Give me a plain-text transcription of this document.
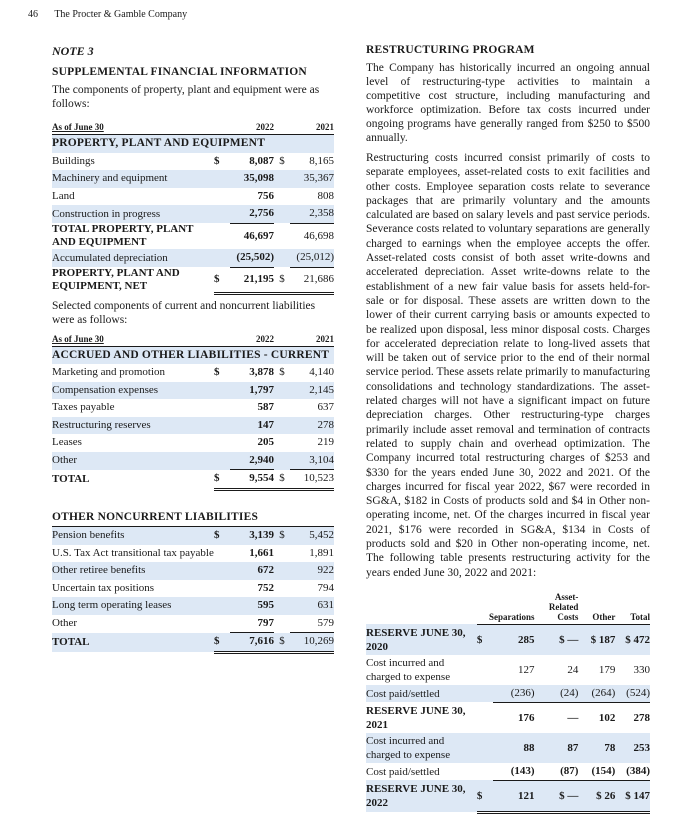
46 The Procter & Gamble Company
NOTE 3
SUPPLEMENTAL FINANCIAL INFORMATION

The components of property, plant and equipment were as follows:

As of June 30	2022		2021	
PROPERTY, PLANT AND EQUIPMENT				
Buildings	$	8,087	$	8,165
Machinery and equipment		35,098		35,367
Land		756		808
Construction in progress		2,756		2,358
TOTAL PROPERTY, PLANT AND EQUIPMENT		46,697		46,698
Accumulated depreciation		(25,502)		(25,012)
PROPERTY, PLANT AND EQUIPMENT, NET	$	21,195	$	21,686

Selected components of current and noncurrent liabilities were as follows:

As of June 30	2022		2021	
ACCRUED AND OTHER LIABILITIES - CURRENT				
Marketing and promotion	$	3,878	$	4,140
Compensation expenses		1,797		2,145
Taxes payable		587		637
Restructuring reserves		147		278
Leases		205		219
Other		2,940		3,104
TOTAL	$	9,554	$	10,523
OTHER NONCURRENT LIABILITIES				
Pension benefits	$	3,139	$	5,452
U.S. Tax Act transitional tax payable		1,661		1,891
Other retiree benefits		672		922
Uncertain tax positions		752		794
Long term operating leases		595		631
Other		797		579
TOTAL	$	7,616	$	10,269
RESTRUCTURING PROGRAM

The Company has historically incurred an ongoing annual level of restructuring-type activities to maintain a competitive cost structure, including manufacturing and workforce optimization. Before tax costs incurred under ongoing programs have generally ranged from $250 to $500 annually.

Restructuring costs incurred consist primarily of costs to separate employees, asset-related costs to exit facilities and other costs. Employee separation costs relate to severance packages that are primarily voluntary and the amounts calculated are based on salary levels and past service periods. Severance costs related to voluntary separations are generally charged to earnings when the employee accepts the offer. Asset-related costs consist of both asset write-downs and accelerated depreciation. Asset write-downs relate to the establishment of a new fair value basis for assets held-for-sale or for disposal. These assets are written down to the lower of their current carrying basis or amounts expected to be realized upon disposal, less minor disposal costs. Charges for accelerated depreciation relate to long-lived assets that will be taken out of service prior to the end of their normal service period. These assets relate primarily to manufacturing consolidations and technology standardizations. The asset-related charges will not have a significant impact on future depreciation charges. Other restructuring-type charges primarily include asset removal and termination of contracts related to supply chain and overhead optimization. The Company incurred total restructuring charges of $253 and $330 for the years ended June 30, 2022 and 2021. Of the charges incurred for fiscal year 2022, $67 were recorded in SG&A, $182 in Costs of products sold and $4 in Other non-operating income, net. Of the charges incurred in fiscal year 2021, $176 were recorded in SG&A, $134 in Costs of products sold and $20 in Other non-operating income, net. The following table presents restructuring activity for the years ended June 30, 2022 and 2021:

	Separations		Asset-Related Costs	Other	Total
RESERVE JUNE 30, 2020	$	285	$ —	$ 187	$ 472
Cost incurred and charged to expense		127	24	179	330
Cost paid/settled		(236)	(24)	(264)	(524)
RESERVE JUNE 30, 2021		176	—	102	278
Cost incurred and charged to expense		88	87	78	253
Cost paid/settled		(143)	(87)	(154)	(384)
RESERVE JUNE 30, 2022	$	121	$ —	$ 26	$ 147
